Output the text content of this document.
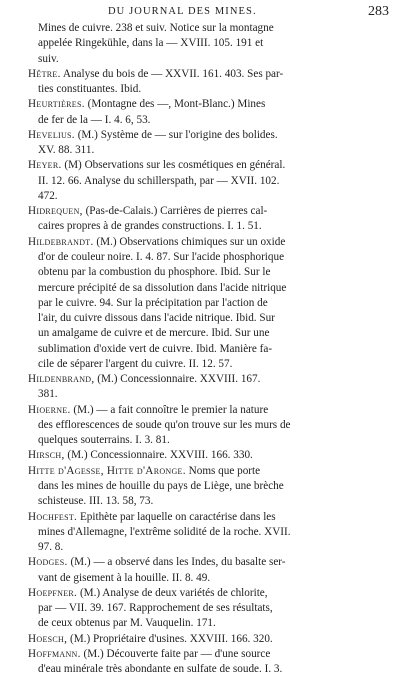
DU JOURNAL DES MINES.	283
Mines de cuivre. 238 et suiv. Notice sur la montagne
appelée Ringekühle, dans la — XVIII. 105. 191 et
suiv.
Hêtre. Analyse du bois de — XXVII. 161. 403. Ses par-
ties constituantes. Ibid.
Heurtières. (Montagne des —, Mont-Blanc.) Mines
de fer de la — I. 4. 6, 53.
Hevelius. (M.) Système de — sur l'origine des bolides.
XV. 88. 311.
Heyer. (M) Observations sur les cosmétiques en général.
II. 12. 66. Analyse du schillerspath, par — XVII. 102.
472.
Hidrequen, (Pas-de-Calais.) Carrières de pierres cal-
caires propres à de grandes constructions. I. 1. 51.
Hildebrandt. (M.) Observations chimiques sur un oxide
d'or de couleur noire. I. 4. 87. Sur l'acide phosphorique
obtenu par la combustion du phosphore. Ibid. Sur le
mercure précipité de sa dissolution dans l'acide nitrique
par le cuivre. 94. Sur la précipitation par l'action de
l'air, du cuivre dissous dans l'acide nitrique. Ibid. Sur
un amalgame de cuivre et de mercure. Ibid. Sur une
sublimation d'oxide vert de cuivre. Ibid. Manière fa-
cile de séparer l'argent du cuivre. II. 12. 57.
Hildenbrand, (M.) Concessionnaire. XXVIII. 167.
381.
Hioerne. (M.) — a fait connoître le premier la nature
des efflorescences de soude qu'on trouve sur les murs de
quelques souterrains. I. 3. 81.
Hirsch, (M.) Concessionnaire. XXVIII. 166. 330.
Hitte d'Agesse, Hitte d'Aronge. Noms que porte
dans les mines de houille du pays de Liège, une brèche
schisteuse. III. 13. 58, 73.
Hochfest. Epithète par laquelle on caractérise dans les
mines d'Allemagne, l'extrême solidité de la roche. XVII.
97. 8.
Hodges. (M.) — a observé dans les Indes, du basalte ser-
vant de gisement à la houille. II. 8. 49.
Hoepfner. (M.) Analyse de deux variétés de chlorite,
par — VII. 39. 167. Rapprochement de ses résultats,
de ceux obtenus par M. Vauquelin. 171.
Hoesch, (M.) Propriétaire d'usines. XXVIII. 166. 320.
Hoffmann. (M.) Découverte faite par — d'une source
d'eau minérale très abondante en sulfate de soude. I. 3.
